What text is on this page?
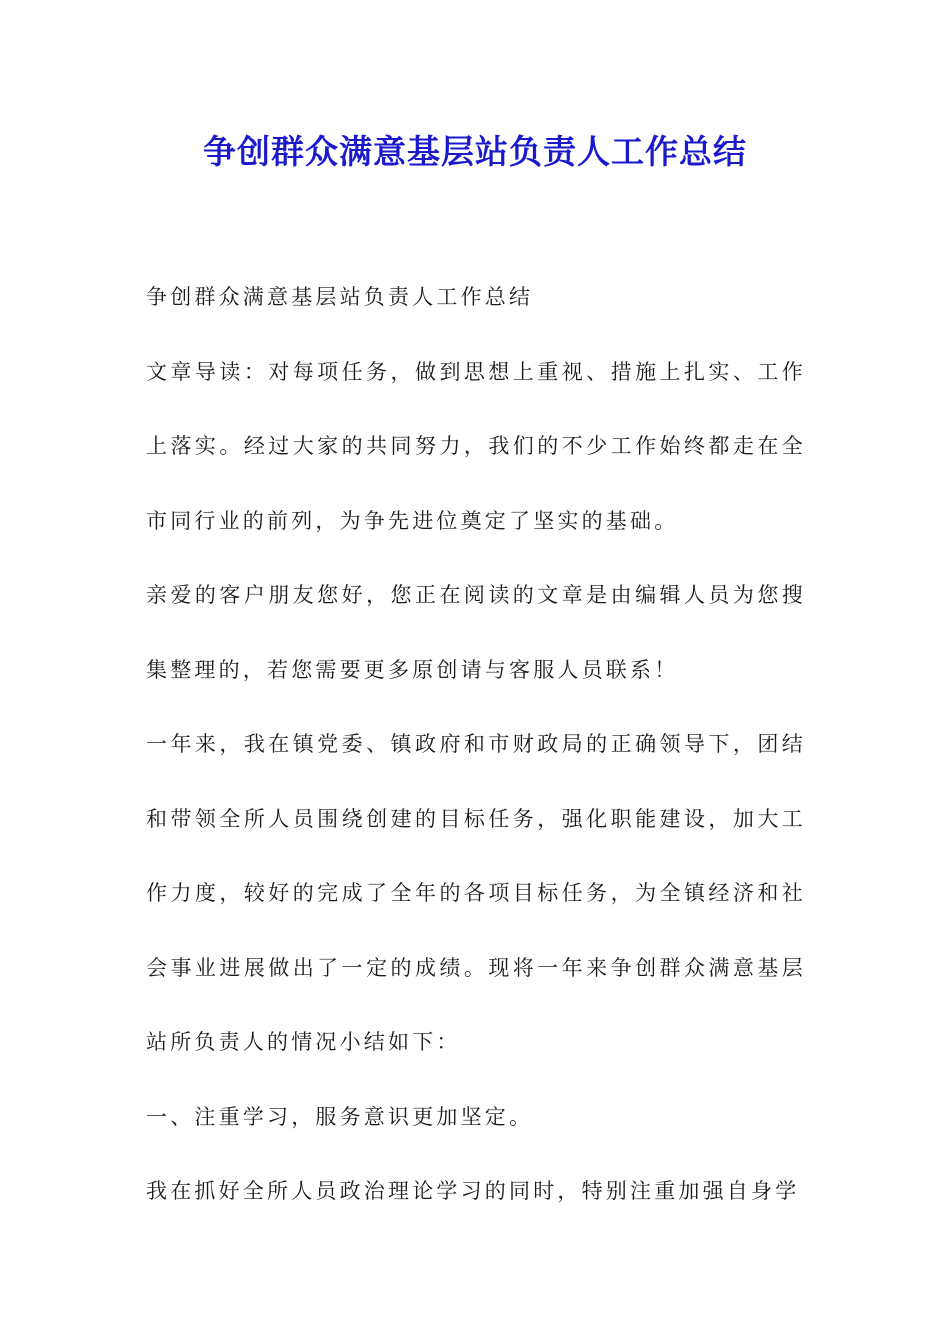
争创群众满意基层站负责人工作总结

争创群众满意基层站负责人工作总结

文章导读：对每项任务，做到思想上重视、措施上扎实、工作上落实。经过大家的共同努力，我们的不少工作始终都走在全市同行业的前列，为争先进位奠定了坚实的基础。

亲爱的客户朋友您好，您正在阅读的文章是由编辑人员为您搜集整理的，若您需要更多原创请与客服人员联系！

一年来，我在镇党委、镇政府和市财政局的正确领导下，团结和带领全所人员围绕创建的目标任务，强化职能建设，加大工作力度，较好的完成了全年的各项目标任务，为全镇经济和社会事业进展做出了一定的成绩。现将一年来争创群众满意基层站所负责人的情况小结如下：

一、注重学习，服务意识更加坚定。

我在抓好全所人员政治理论学习的同时，特别注重加强自身学
